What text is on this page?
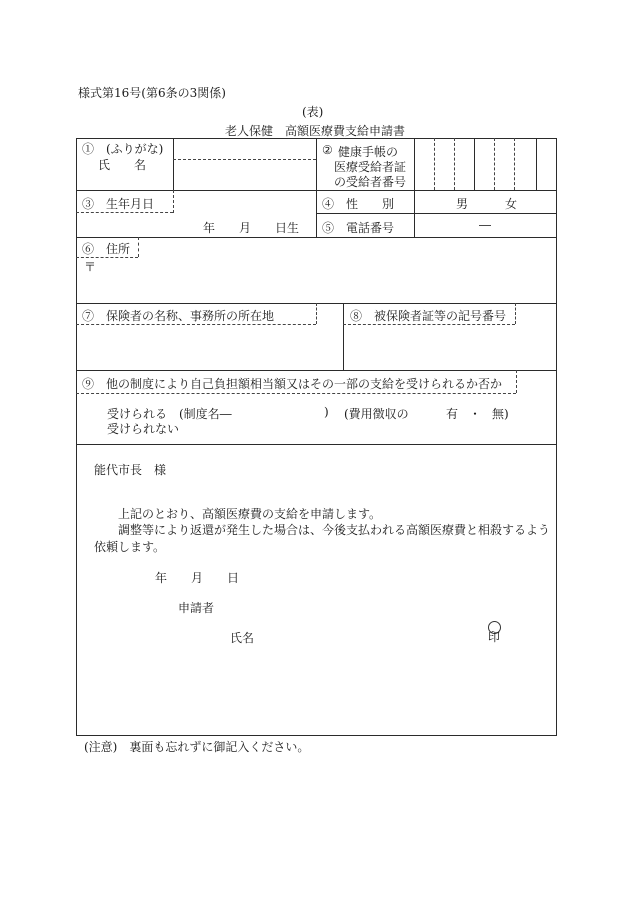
様式第16号(第6条の3関係)
(表)
老人保健　高額医療費支給申請書
①　(ふりがな)
氏　　名
② 健康手帳の
医療受給者証
の受給者番号
③　生年月日
年　　月　　日生
④　性　　別	男	女
⑤　電話番号	―
⑥　住所
〒
⑦　保険者の名称、事務所の所在地	⑧　被保険者証等の記号番号
⑨　他の制度により自己負担額相当額又はその一部の支給を受けられるか否か
受けられる　(制度名―	) (費用徴収の	有 ・ 無)
受けられない
能代市長　様
上記のとおり、高額医療費の支給を申請します。
調整等により返還が発生した場合は、今後支払われる高額医療費と相殺するよう
依頼します。
年　　月　　日
申請者
氏名	印
(注意)　裏面も忘れずに御記入ください。
